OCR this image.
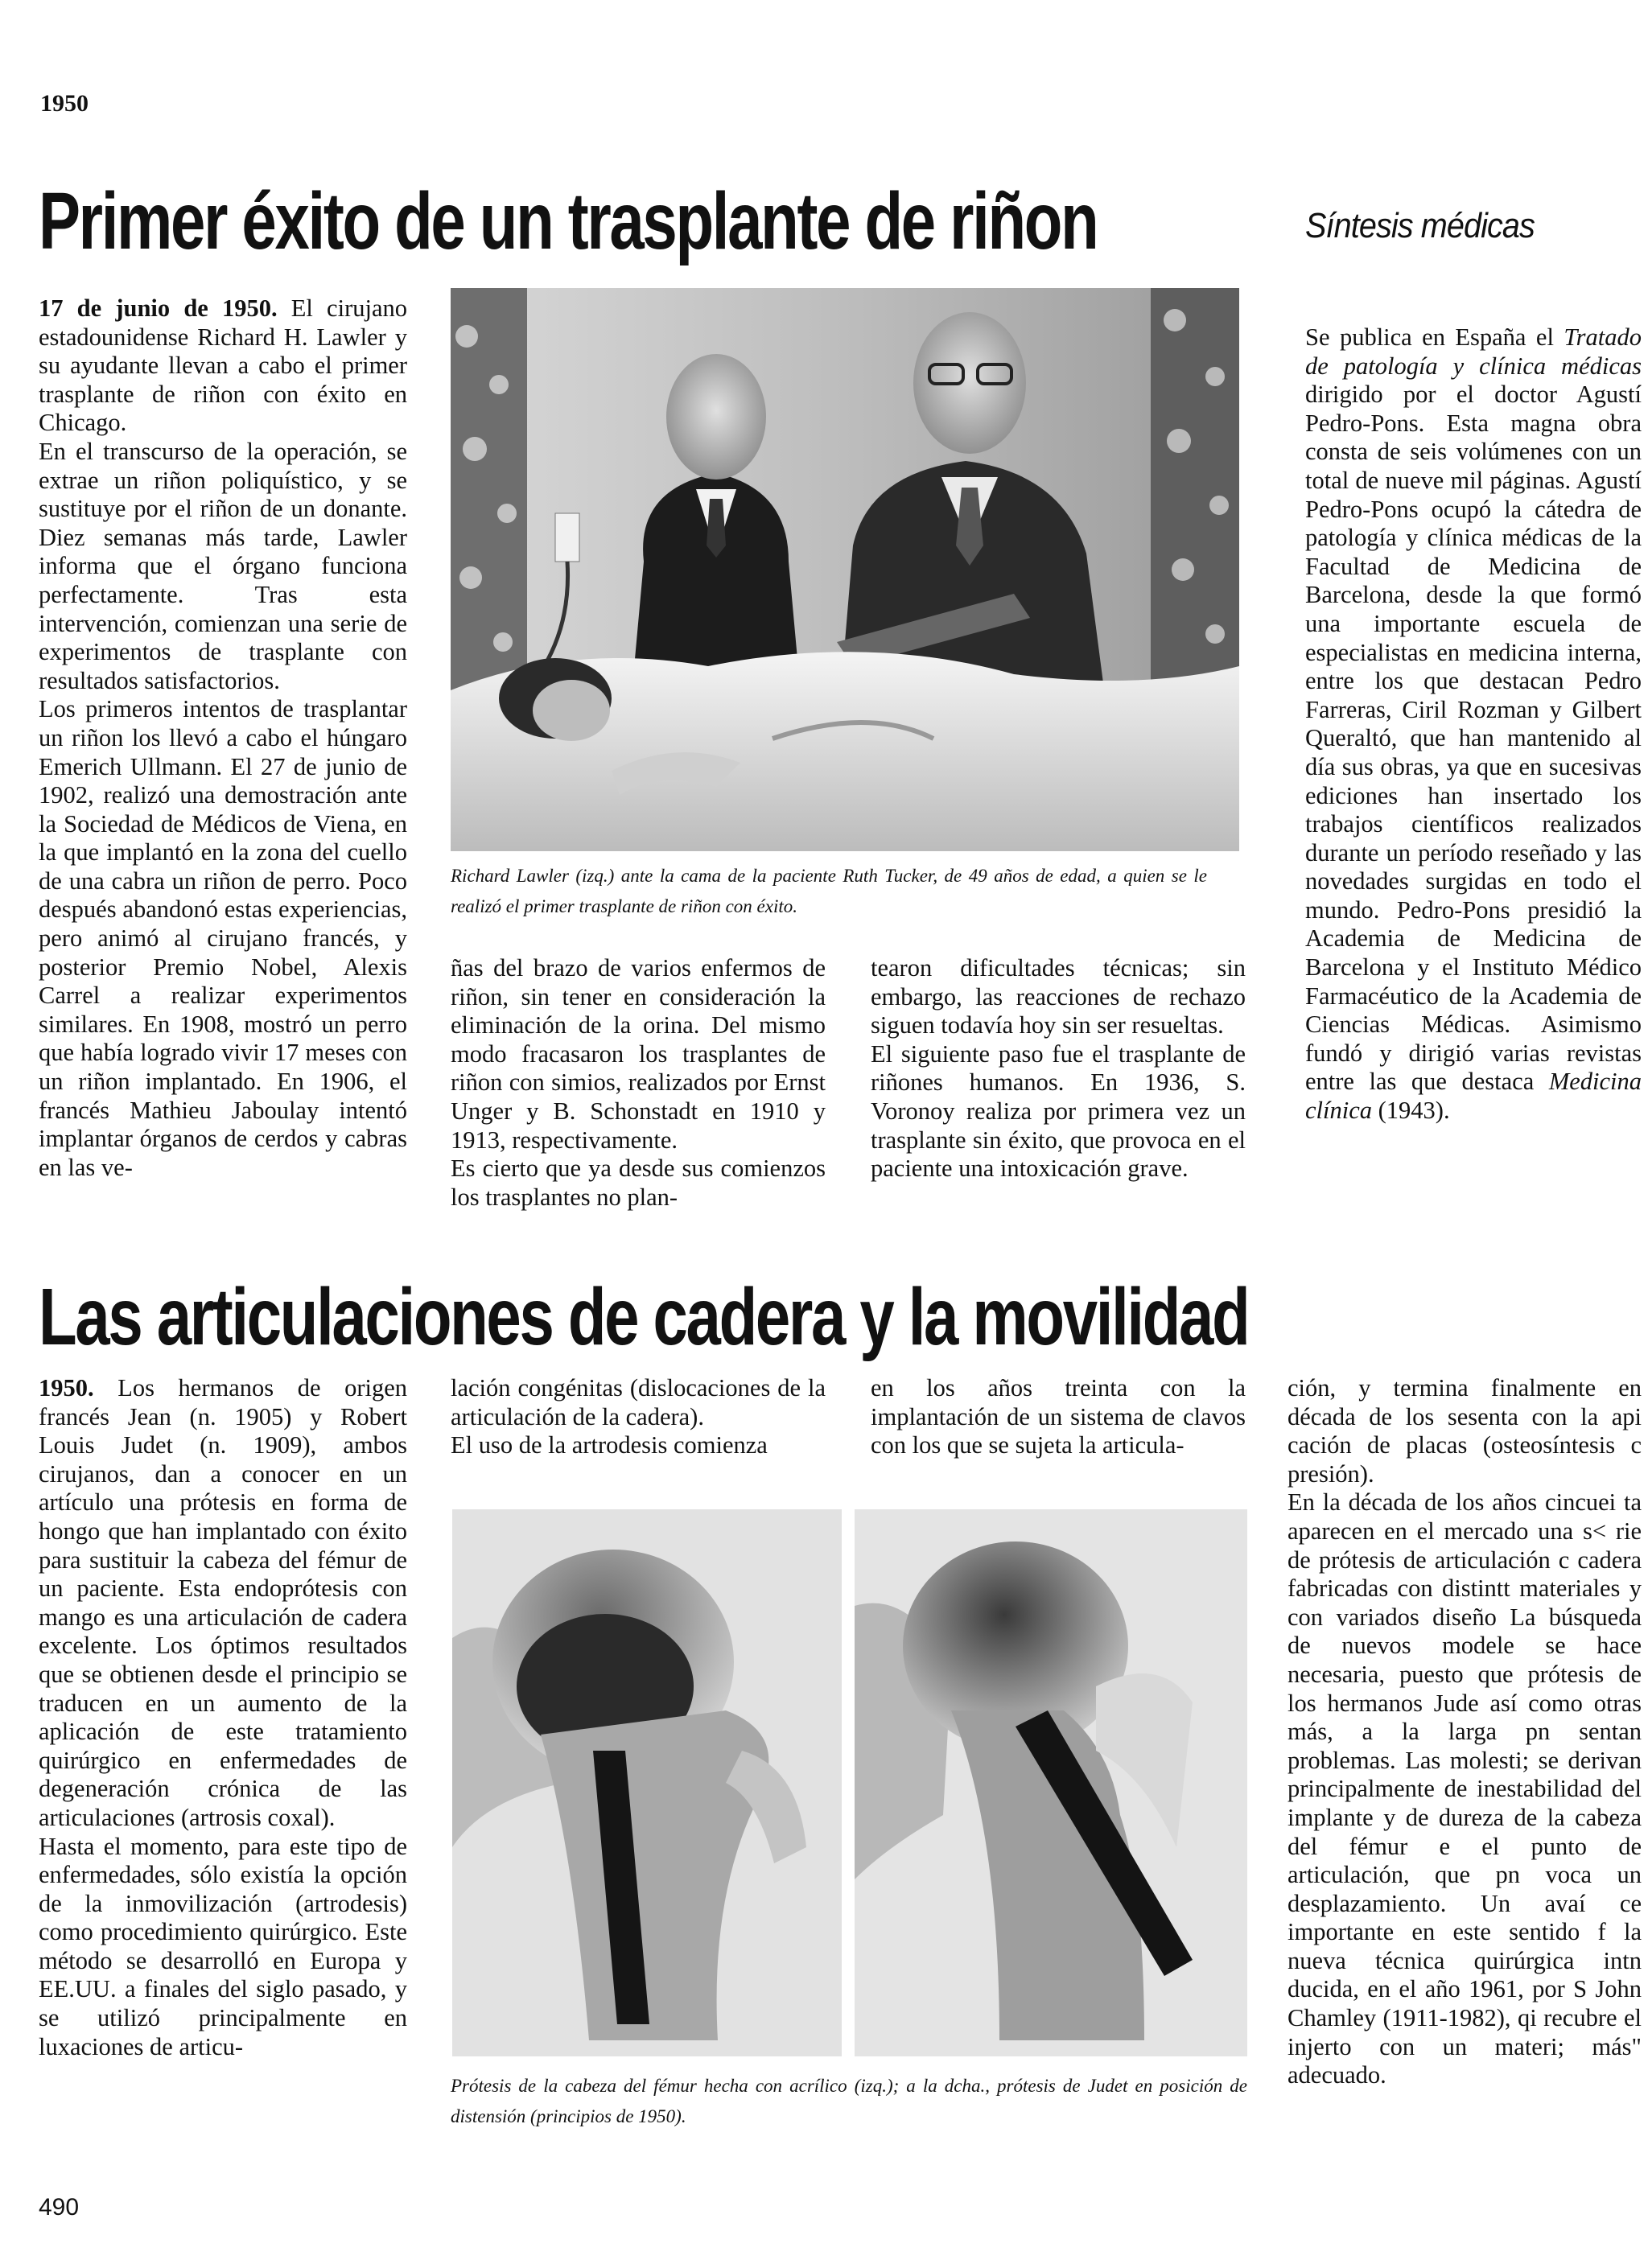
1950
Primer éxito de un trasplante de riñon	Síntesis médicas

17 de junio de 1950. El cirujano estadounidense Richard H. Lawler y su ayudante llevan a cabo el primer trasplante de riñon con éxito en Chicago.

En el transcurso de la operación, se extrae un riñon poliquístico, y se sustituye por el riñon de un donante. Diez semanas más tarde, Lawler informa que el órgano funciona perfectamente. Tras esta intervención, comienzan una serie de experimentos de trasplante con resultados satisfactorios.

Los primeros intentos de trasplantar un riñon los llevó a cabo el húngaro Emerich Ullmann. El 27 de junio de 1902, realizó una demostración ante la Sociedad de Médicos de Viena, en la que implantó en la zona del cuello de una cabra un riñon de perro. Poco después abandonó estas experiencias, pero animó al cirujano francés, y posterior Premio Nobel, Alexis Carrel a realizar experimentos similares. En 1908, mostró un perro que había logrado vivir 17 meses con un riñon implantado. En 1906, el francés Mathieu Jaboulay intentó implantar órganos de cerdos y cabras en las ve-

Richard Lawler (izq.) ante la cama de la paciente Ruth Tucker, de 49 años de edad, a quien se le realizó el primer trasplante de riñon con éxito.

ñas del brazo de varios enfermos de riñon, sin tener en consideración la eliminación de la orina. Del mismo modo fracasaron los trasplantes de riñon con simios, realizados por Ernst Unger y B. Schonstadt en 1910 y 1913, respectivamente.

Es cierto que ya desde sus comienzos los trasplantes no plan-

tearon dificultades técnicas; sin embargo, las reacciones de rechazo siguen todavía hoy sin ser resueltas.

El siguiente paso fue el trasplante de riñones humanos. En 1936, S. Voronoy realiza por primera vez un trasplante sin éxito, que provoca en el paciente una intoxicación grave.

Se publica en España el Tratado de patología y clínica médicas dirigido por el doctor Agustí Pedro-Pons. Esta magna obra consta de seis volúmenes con un total de nueve mil páginas. Agustí Pedro-Pons ocupó la cátedra de patología y clínica médicas de la Facultad de Medicina de Barcelona, desde la que formó una importante escuela de especialistas en medicina interna, entre los que destacan Pedro Farreras, Ciril Rozman y Gilbert Queraltó, que han mantenido al día sus obras, ya que en sucesivas ediciones han insertado los trabajos científicos realizados durante un período reseñado y las novedades surgidas en todo el mundo. Pedro-Pons presidió la Academia de Medicina de Barcelona y el Instituto Médico Farmacéutico de la Academia de Ciencias Médicas. Asimismo fundó y dirigió varias revistas entre las que destaca Medicina clínica (1943).

Las articulaciones de cadera y la movilidad

1950. Los hermanos de origen francés Jean (n. 1905) y Robert Louis Judet (n. 1909), ambos cirujanos, dan a conocer en un artículo una prótesis en forma de hongo que han implantado con éxito para sustituir la cabeza del fémur de un paciente. Esta endoprótesis con mango es una articulación de cadera excelente. Los óptimos resultados que se obtienen desde el principio se traducen en un aumento de la aplicación de este tratamiento quirúrgico en enfermedades de degeneración crónica de las articulaciones (artrosis coxal).

Hasta el momento, para este tipo de enfermedades, sólo existía la opción de la inmovilización (artrodesis) como procedimiento quirúrgico. Este método se desarrolló en Europa y EE.UU. a finales del siglo pasado, y se utilizó principalmente en luxaciones de articu-

lación congénitas (dislocaciones de la articulación de la cadera).

El uso de la artrodesis comienza

en los años treinta con la implantación de un sistema de clavos con los que se sujeta la articula-

ción, y termina finalmente en década de los sesenta con la api cación de placas (osteosíntesis c presión).

En la década de los años cincuei ta aparecen en el mercado una s< rie de prótesis de articulación c cadera fabricadas con distintt materiales y con variados diseño La búsqueda de nuevos modele se hace necesaria, puesto que prótesis de los hermanos Jude así como otras más, a la larga pn sentan problemas. Las molesti; se derivan principalmente de inestabilidad del implante y de dureza de la cabeza del fémur e el punto de articulación, que pn voca un desplazamiento. Un avaí ce importante en este sentido f la nueva técnica quirúrgica intn ducida, en el año 1961, por S John Chamley (1911-1982), qi recubre el injerto con un materi; más" adecuado.

Prótesis de la cabeza del fémur hecha con acrílico (izq.); a la dcha., prótesis de Judet en posición de distensión (principios de 1950).
490
